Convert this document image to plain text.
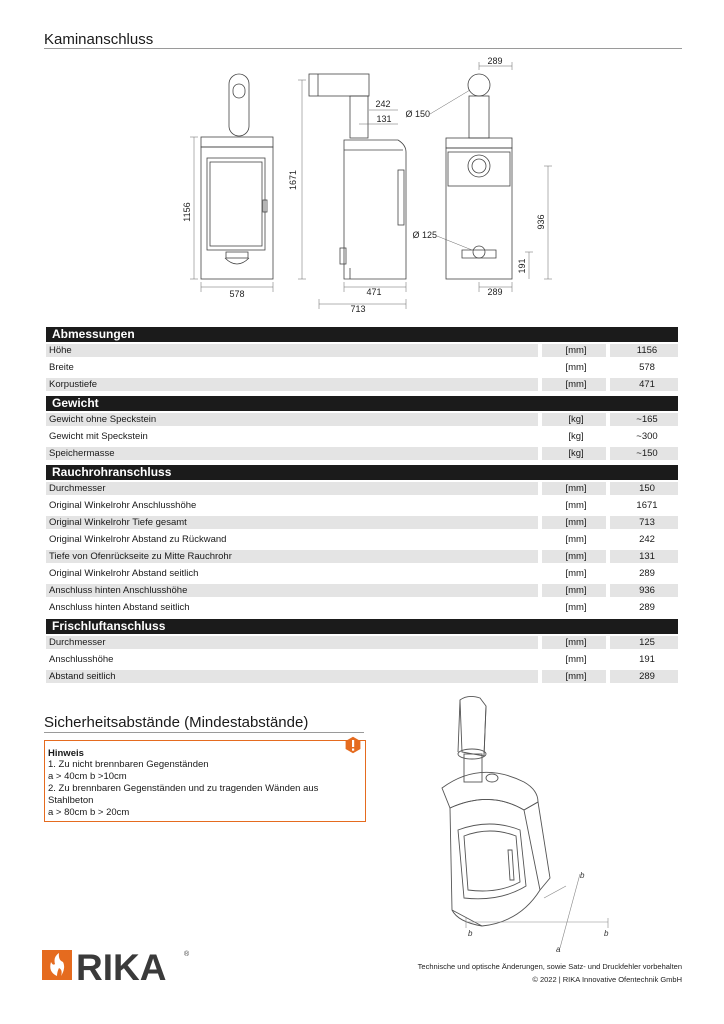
Kaminanschluss
1156
578
1671
242
131
471
713
289
Ø 150
Ø 125
936
191
289
Abmessungen
Höhe	[mm]	1156
Breite	[mm]	578
Korpustiefe	[mm]	471
Gewicht
Gewicht ohne Speckstein	[kg]	~165
Gewicht mit Speckstein	[kg]	~300
Speichermasse	[kg]	~150
Rauchrohranschluss
Durchmesser	[mm]	150
Original Winkelrohr Anschlusshöhe	[mm]	1671
Original Winkelrohr Tiefe gesamt	[mm]	713
Original Winkelrohr Abstand zu Rückwand	[mm]	242
Tiefe von Ofenrückseite zu Mitte Rauchrohr	[mm]	131
Original Winkelrohr Abstand seitlich	[mm]	289
Anschluss hinten Anschlusshöhe	[mm]	936
Anschluss hinten Abstand seitlich	[mm]	289
Frischluftanschluss
Durchmesser	[mm]	125
Anschlusshöhe	[mm]	191
Abstand seitlich	[mm]	289
Sicherheitsabstände (Mindestabstände)
Hinweis
1. Zu nicht brennbaren Gegenständen
a > 40cm b >10cm
2. Zu brennbaren Gegenständen und zu tragenden Wänden aus
Stahlbeton
a > 80cm b > 20cm
b	b
b
a
RIKA	®
Technische und optische Änderungen, sowie Satz- und Druckfehler vorbehalten
© 2022 | RIKA Innovative Ofentechnik GmbH
